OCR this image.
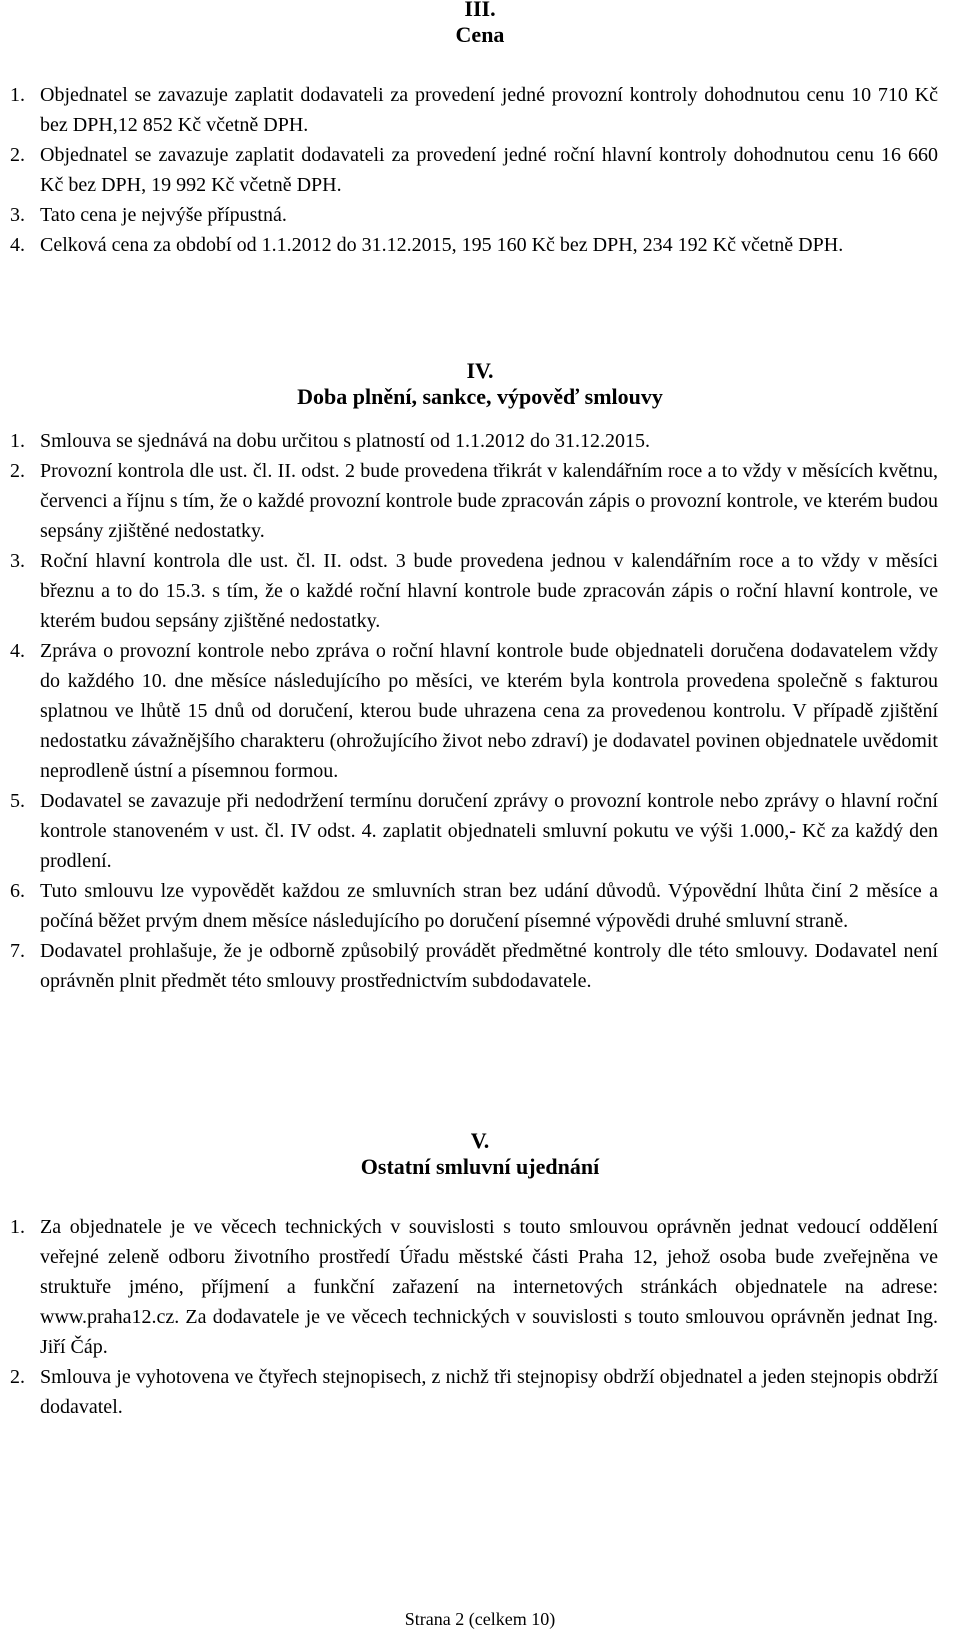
III.
Cena
1. Objednatel se zavazuje zaplatit dodavateli za provedení jedné provozní kontroly dohodnutou cenu 10 710 Kč bez DPH,12 852 Kč včetně DPH.
2. Objednatel se zavazuje zaplatit dodavateli za provedení jedné roční hlavní kontroly dohodnutou cenu 16 660 Kč bez DPH, 19 992 Kč včetně DPH.
3. Tato cena je nejvýše přípustná.
4. Celková cena za období od 1.1.2012 do 31.12.2015, 195 160 Kč bez DPH, 234 192 Kč včetně DPH.
IV.
Doba plnění, sankce, výpověď smlouvy
1. Smlouva se sjednává na dobu určitou s platností od 1.1.2012 do 31.12.2015.
2. Provozní kontrola dle ust. čl. II. odst. 2 bude provedena třikrát v kalendářním roce a to vždy v měsících květnu, červenci a říjnu s tím, že o každé provozní kontrole bude zpracován zápis o provozní kontrole, ve kterém budou sepsány zjištěné nedostatky.
3. Roční hlavní kontrola dle ust. čl. II. odst. 3 bude provedena jednou v kalendářním roce a to vždy v měsíci březnu a to do 15.3. s tím, že o každé roční hlavní kontrole bude zpracován zápis o roční hlavní kontrole, ve kterém budou sepsány zjištěné nedostatky.
4. Zpráva o provozní kontrole nebo zpráva o roční hlavní kontrole bude objednateli doručena dodavatelem vždy do každého 10. dne měsíce následujícího po měsíci, ve kterém byla kontrola provedena společně s fakturou splatnou ve lhůtě 15 dnů od doručení, kterou bude uhrazena cena za provedenou kontrolu. V případě zjištění nedostatku závažnějšího charakteru (ohrožujícího život nebo zdraví) je dodavatel povinen objednatele uvědomit neprodleně ústní a písemnou formou.
5. Dodavatel se zavazuje při nedodržení termínu doručení zprávy o provozní kontrole nebo zprávy o hlavní roční kontrole stanoveném v ust. čl. IV odst. 4. zaplatit objednateli smluvní pokutu ve výši 1.000,- Kč za každý den prodlení.
6. Tuto smlouvu lze vypovědět každou ze smluvních stran bez udání důvodů. Výpovědní lhůta činí 2 měsíce a počíná běžet prvým dnem měsíce následujícího po doručení písemné výpovědi druhé smluvní straně.
7. Dodavatel prohlašuje, že je odborně způsobilý provádět předmětné kontroly dle této smlouvy. Dodavatel není oprávněn plnit předmět této smlouvy prostřednictvím subdodavatele.
V.
Ostatní smluvní ujednání
1. Za objednatele je ve věcech technických v souvislosti s touto smlouvou oprávněn jednat vedoucí oddělení veřejné zeleně odboru životního prostředí Úřadu městské části Praha 12, jehož osoba bude zveřejněna ve struktuře jméno, příjmení a funkční zařazení na internetových stránkách objednatele na adrese: www.praha12.cz. Za dodavatele je ve věcech technických v souvislosti s touto smlouvou oprávněn jednat Ing. Jiří Čáp.
2. Smlouva je vyhotovena ve čtyřech stejnopisech, z nichž tři stejnopisy obdrží objednatel a jeden stejnopis obdrží dodavatel.
Strana 2 (celkem 10)
